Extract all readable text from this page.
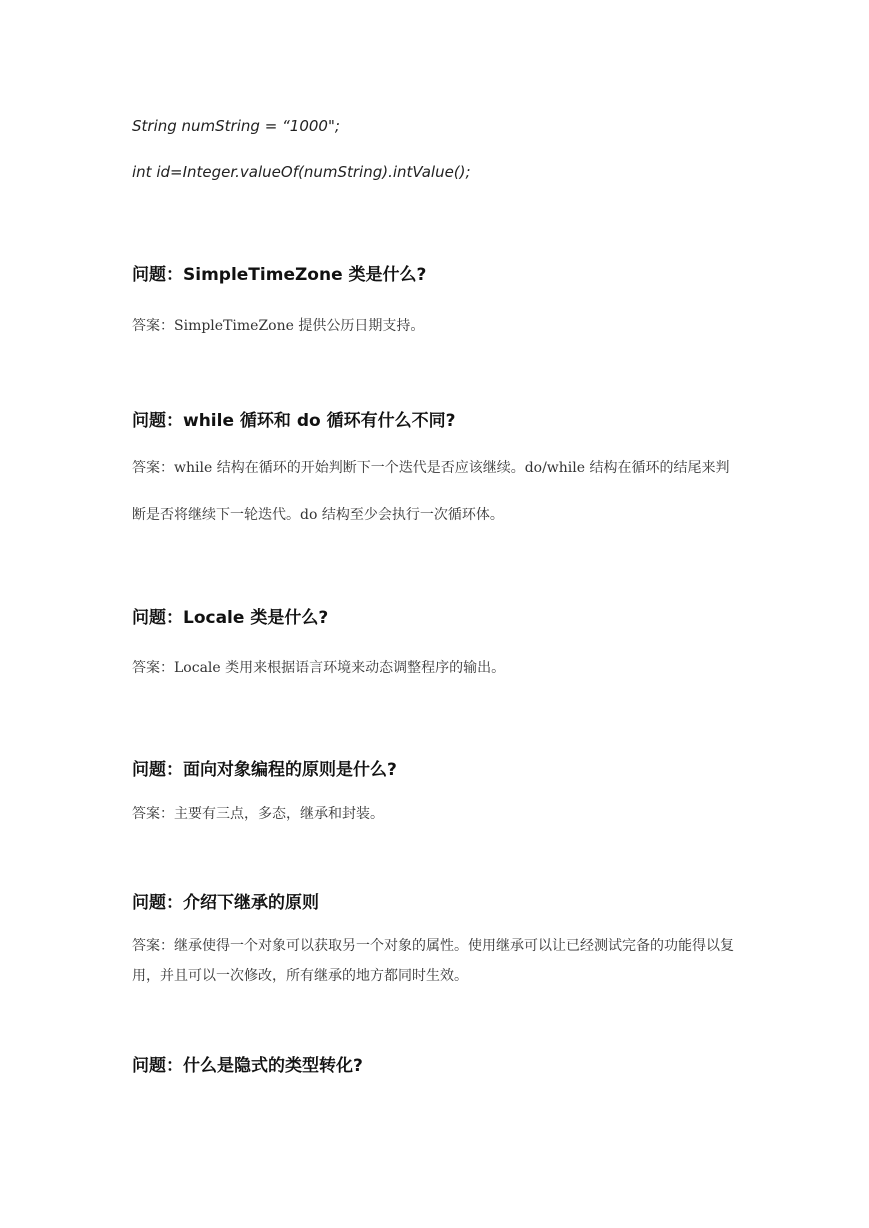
String numString = “1000";
int id=Integer.valueOf(numString).intValue();
问题：SimpleTimeZone 类是什么?
答案：SimpleTimeZone 提供公历日期支持。
问题：while 循环和 do 循环有什么不同?
答案：while 结构在循环的开始判断下一个迭代是否应该继续。do/while 结构在循环的结尾来判断是否将继续下一轮迭代。do 结构至少会执行一次循环体。
问题：Locale 类是什么?
答案：Locale 类用来根据语言环境来动态调整程序的输出。
问题：面向对象编程的原则是什么?
答案：主要有三点，多态，继承和封装。
问题：介绍下继承的原则
答案：继承使得一个对象可以获取另一个对象的属性。使用继承可以让已经测试完备的功能得以复用，并且可以一次修改，所有继承的地方都同时生效。
问题：什么是隐式的类型转化?
